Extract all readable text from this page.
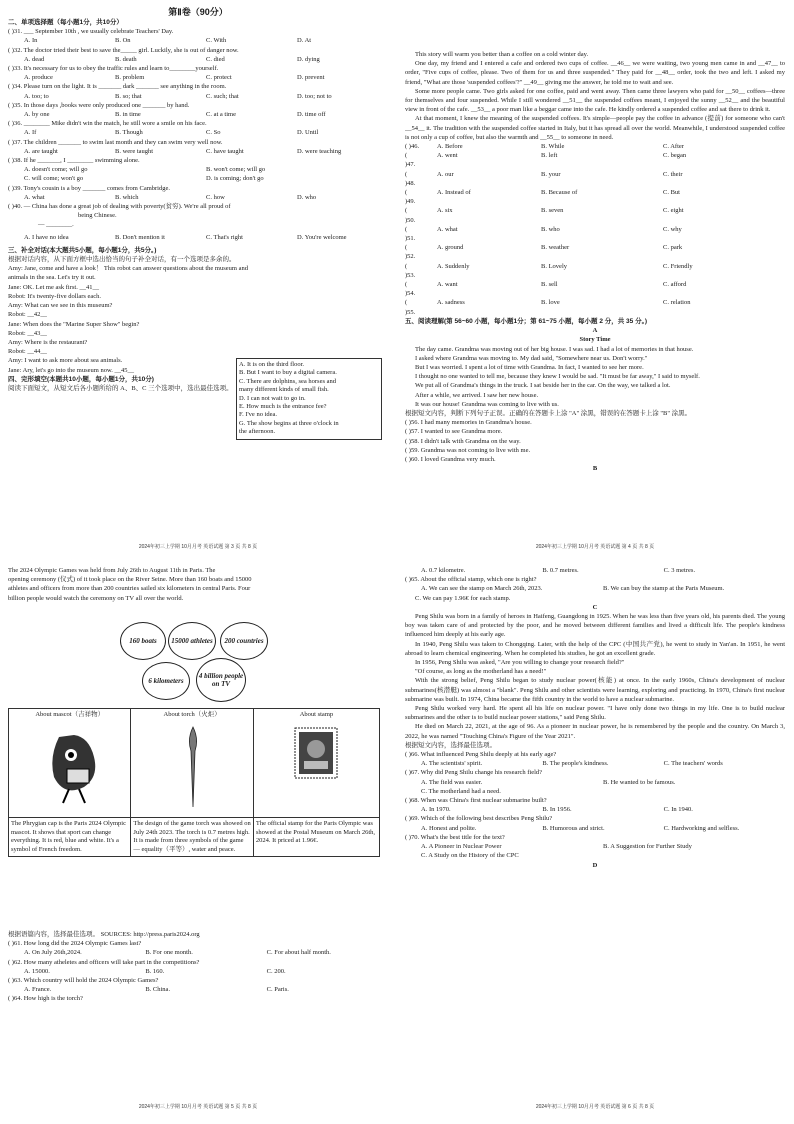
第Ⅱ卷（90分）
二、单项选择题（每小题1分，共10分）
( )31. ___ September 10th , we usually celebrate Teachers' Day.
A. In	B. On	C. With	D. At
( )32. The doctor tried their best to save the_____ girl. Luckily, she is out of danger now.
A. dead	B. death	C. died	D. dying
( )33. It's necessary for us to obey the traffic rules and learn to________yourself.
A. produce	B. problem	C. protect	D. prevent
( )34. Please turn on the light. It is _______ dark _______ see anything in the room.
A. too; to	B. so; that	C. such; that	D. too; not to
( )35. In those days ,books were only produced one _______ by hand.
A. by one	B. in time	C. at a time	D. time off
( )36. ________ Mike didn't win the match, he still wore a smile on his face.
A. If	B. Though	C. So	D. Until
( )37. The children _______ to swim last month and they can swim very well now.
A. are taught	B. were taught	C. have taught	D. were teaching
( )38. If he _______, I ________ swimming alone.
A. doesn't come; will go	B. won't come; will go
C. will come; won't go	D. is coming; don't go
( )39. Tony's cousin is a boy _______ comes from Cambridge.
A. what	B. which	C. how	D. who
( )40. — China has done a great job of dealing with poverty(贫穷). We're all proud of
being Chinese.
— ________.
A. I have no idea	B. Don't mention it	C. That's right	D. You're welcome
三、补全对话(本大题共5小题，每小题1分，共5分。)
根据对话内容，从下面方框中选出恰当的句子补全对话，有一个选项是多余的。
Amy: Jane, come and have a look！ This robot can answer questions about the museum and
animals in the sea. Let's try it out.
Jane: OK. Let me ask first. __41__
Robot: It's twenty-five dollars each.
Amy: What can we see in this museum?
Robot: __42__
Jane: When does the "Marine Super Show" begin?
Robot: __43__
Amy: Where is the restaurant?
Robot: __44__
Amy: I want to ask more about sea animals.
Jane: Ary, let's go into the museum now. __45__
A. It is on the third floor.
B. But I want to buy a digital camera.
C. There are dolphins, sea horses and
many different kinds of small fish.
D. I can not wait to go in.
E. How much is the entrance fee?
F. I've no idea.
G. The show begins at three o'clock in
the afternoon.
四、完形填空(本题共10小题，每小题1分，共10分)
阅读下面短文，从短文后各小题所给的 A、B、C 三个选项中，选出最佳选项。
2024年初三上学期 10月月考 英语试题 第 3 页 共 8 页
This story will warm you better than a coffee on a cold winter day.
One day, my friend and I entered a cafe and ordered two cups of coffee. __46__ we were waiting, two young men came in and __47__ to order, "Five cups of coffee, please. Two of them for us and three suspended." They paid for __48__ order, took the two and left. I asked my friend, "What are those 'suspended coffees'?" __49__ giving me the answer, he told me to wait and see.
Some more people came. Two girls asked for one coffee, paid and went away. Then came three lawyers who paid for __50__ coffees—three for themselves and four suspended. While I still wondered __51__ the suspended coffees meant, I enjoyed the sunny __52__ and the beautiful view in front of the cafe. __53__ a poor man like a beggar came into the cafe. He kindly ordered a suspended coffee and sat there to drink it.
At that moment, I knew the meaning of the suspended coffees. It's simple—people pay the coffee in advance (提前) for someone who can't __54__ it. The tradition with the suspended coffee started in Italy, but it has spread all over the world. Meanwhile, I understood suspended coffee is not only a cup of coffee, but also the warmth and __55__ to someone in need.
( )46.	A. Before	B. While	C. After
( )47.
A. went	B. left	C. began
( )48.
A. our	B. your	C. their
( )49.
A. Instead of	B. Because of	C. But
( )50.
A. six	B. seven	C. eight
( )51.
A. what	B. who	C. why
( )52.
A. ground	B. weather	C. park
( )53.
A. Suddenly	B. Lovely	C. Friendly
( )54.
A. want	B. sell	C. afford
( )55.
A. sadness	B. love	C. relation
五、阅读理解(第 56~60 小题，每小题1分；第 61~75 小题，每小题 2 分，共 35 分。)
A
Story Time
The day came. Grandma was moving out of her big house. I was sad. I had a lot of memories in that house.
I asked where Grandma was moving to. My dad said, "Somewhere near us. Don't worry."
But I was worried. I spent a lot of time with Grandma. In fact, I wanted to see her more.
I thought no one wanted to tell me, because they knew I would be sad. "It must be far away," I said to myself.
We put all of Grandma's things in the truck. I sat beside her in the car. On the way, we talked a lot.
After a while, we arrived. I saw her new house.
It was our house! Grandma was coming to live with us.
根据短文内容，判断下列句子正误。正确的在答题卡上涂 "A" 涂黑，错误的在答题卡上涂 "B" 涂黑。
( )56. I had many memories in Grandma's house.
( )57. I wanted to see Grandma more.
( )58. I didn't talk with Grandma on the way.
( )59. Grandma was not coming to live with me.
( )60. I loved Grandma very much.
B
2024年初三上学期 10月月考 英语试题 第 4 页 共 8 页
The 2024 Olympic Games was held from July 26th to August 11th in Paris. The
opening ceremony (仪式) of it took place on the River Seine. More than 160 boats and 15000
athletes and officers from more than 200 countries sailed six kilometers in central Paris. Four
billion people would watch the ceremony on TV all over the world.
160 boats	15000 athletes	200 countries
6 kilometers
4 billion people on TV
About mascot（吉祥物）	About torch（火炬）	About stamp

The Phrygian cap is the Paris 2024 Olympic mascot. It shows that sport can change everything. It is red, blue and white. It's a symbol of French freedom.	The design of the game torch was showed on July 24th 2023. The torch is 0.7 metres high. It is made from three symbols of the game — equality（平等）, water and peace.	The official stamp for the Paris Olympic was showed at the Postal Museum on March 26th, 2024. It priced at 1.96€.
根据语篇内容，选择最佳选项。 SOURCES: http://press.paris2024.org
( )61. How long did the 2024 Olympic Games last?
A. On July 26th,2024.	B. For one month.	C. For about half month.
( )62. How many atheletes and officers will take part in the competitions?
A. 15000.	B. 160.	C. 200.
( )63. Which country will hold the 2024 Olympic Games?
A. France.	B. China.	C. Paris.
( )64. How high is the torch?
2024年初三上学期 10月月考 英语试题 第 5 页 共 8 页
A. 0.7 kilometre.	B. 0.7 metres.	C. 3 metres.
( )65. About the official stamp, which one is right?
A. We can see the stamp on March 26th, 2023.	B. We can buy the stamp at the Paris Museum.
C. We can pay 1.96€ for each stamp.
C
Peng Shilu was born in a family of heroes in Haifeng, Guangdong in 1925. When he was less than five years old, his parents died. The young boy was taken care of and protected by the poor, and he moved between different families and lived a difficult life. The people's kindness influenced him deeply at his early age.
In 1940, Peng Shilu was taken to Chongqing. Later, with the help of the CPC (中国共产党), he went to study in Yan'an. In 1951, he went abroad to learn chemical engineering. When he completed his studies, he got an excellent grade.
In 1956, Peng Shilu was asked, "Are you willing to change your research field?"
"Of course, as long as the motherland has a need!"
With the strong belief, Peng Shilu began to study nuclear power(核能) at once. In the early 1960s, China's development of nuclear submarines(核潜艇) was almost a "blank". Peng Shilu and other scientists were learning, exploring and practicing. In 1970, China's first nuclear submarine was built. In 1974, China became the fifth country in the world to have a nuclear submarine.
Peng Shilu worked very hard. He spent all his life on nuclear power. "I have only done two things in my life. One is to build nuclear submarines and the other is to build nuclear power stations," said Peng Shilu.
He died on March 22, 2021, at the age of 96. As a pioneer in nuclear power, he is remembered by the people and the country. On March 3, 2022, he was named "Touching China's Figure of the Year 2021".
根据短文内容，选择最佳选项。
( )66. What influenced Peng Shilu deeply at his early age?
A. The scientists' spirit.	B. The people's kindness.	C. The teachers' words
( )67. Why did Peng Shilu change his research field?
A. The field was easier.	B. He wanted to be famous.
C. The motherland had a need.
( )68. When was China's first nuclear submarine built?
A. In 1970.	B. In 1956.	C. In 1940.
( )69. Which of the following best describes Peng Shilu?
A. Honest and polite.	B. Humorous and strict.	C. Hardworking and selfless.
( )70. What's the best title for the text?
A. A Pioneer in Nuclear Power	B. A Suggestion for Further Study
C. A Study on the History of the CPC
D
2024年初三上学期 10月月考 英语试题 第 6 页 共 8 页
